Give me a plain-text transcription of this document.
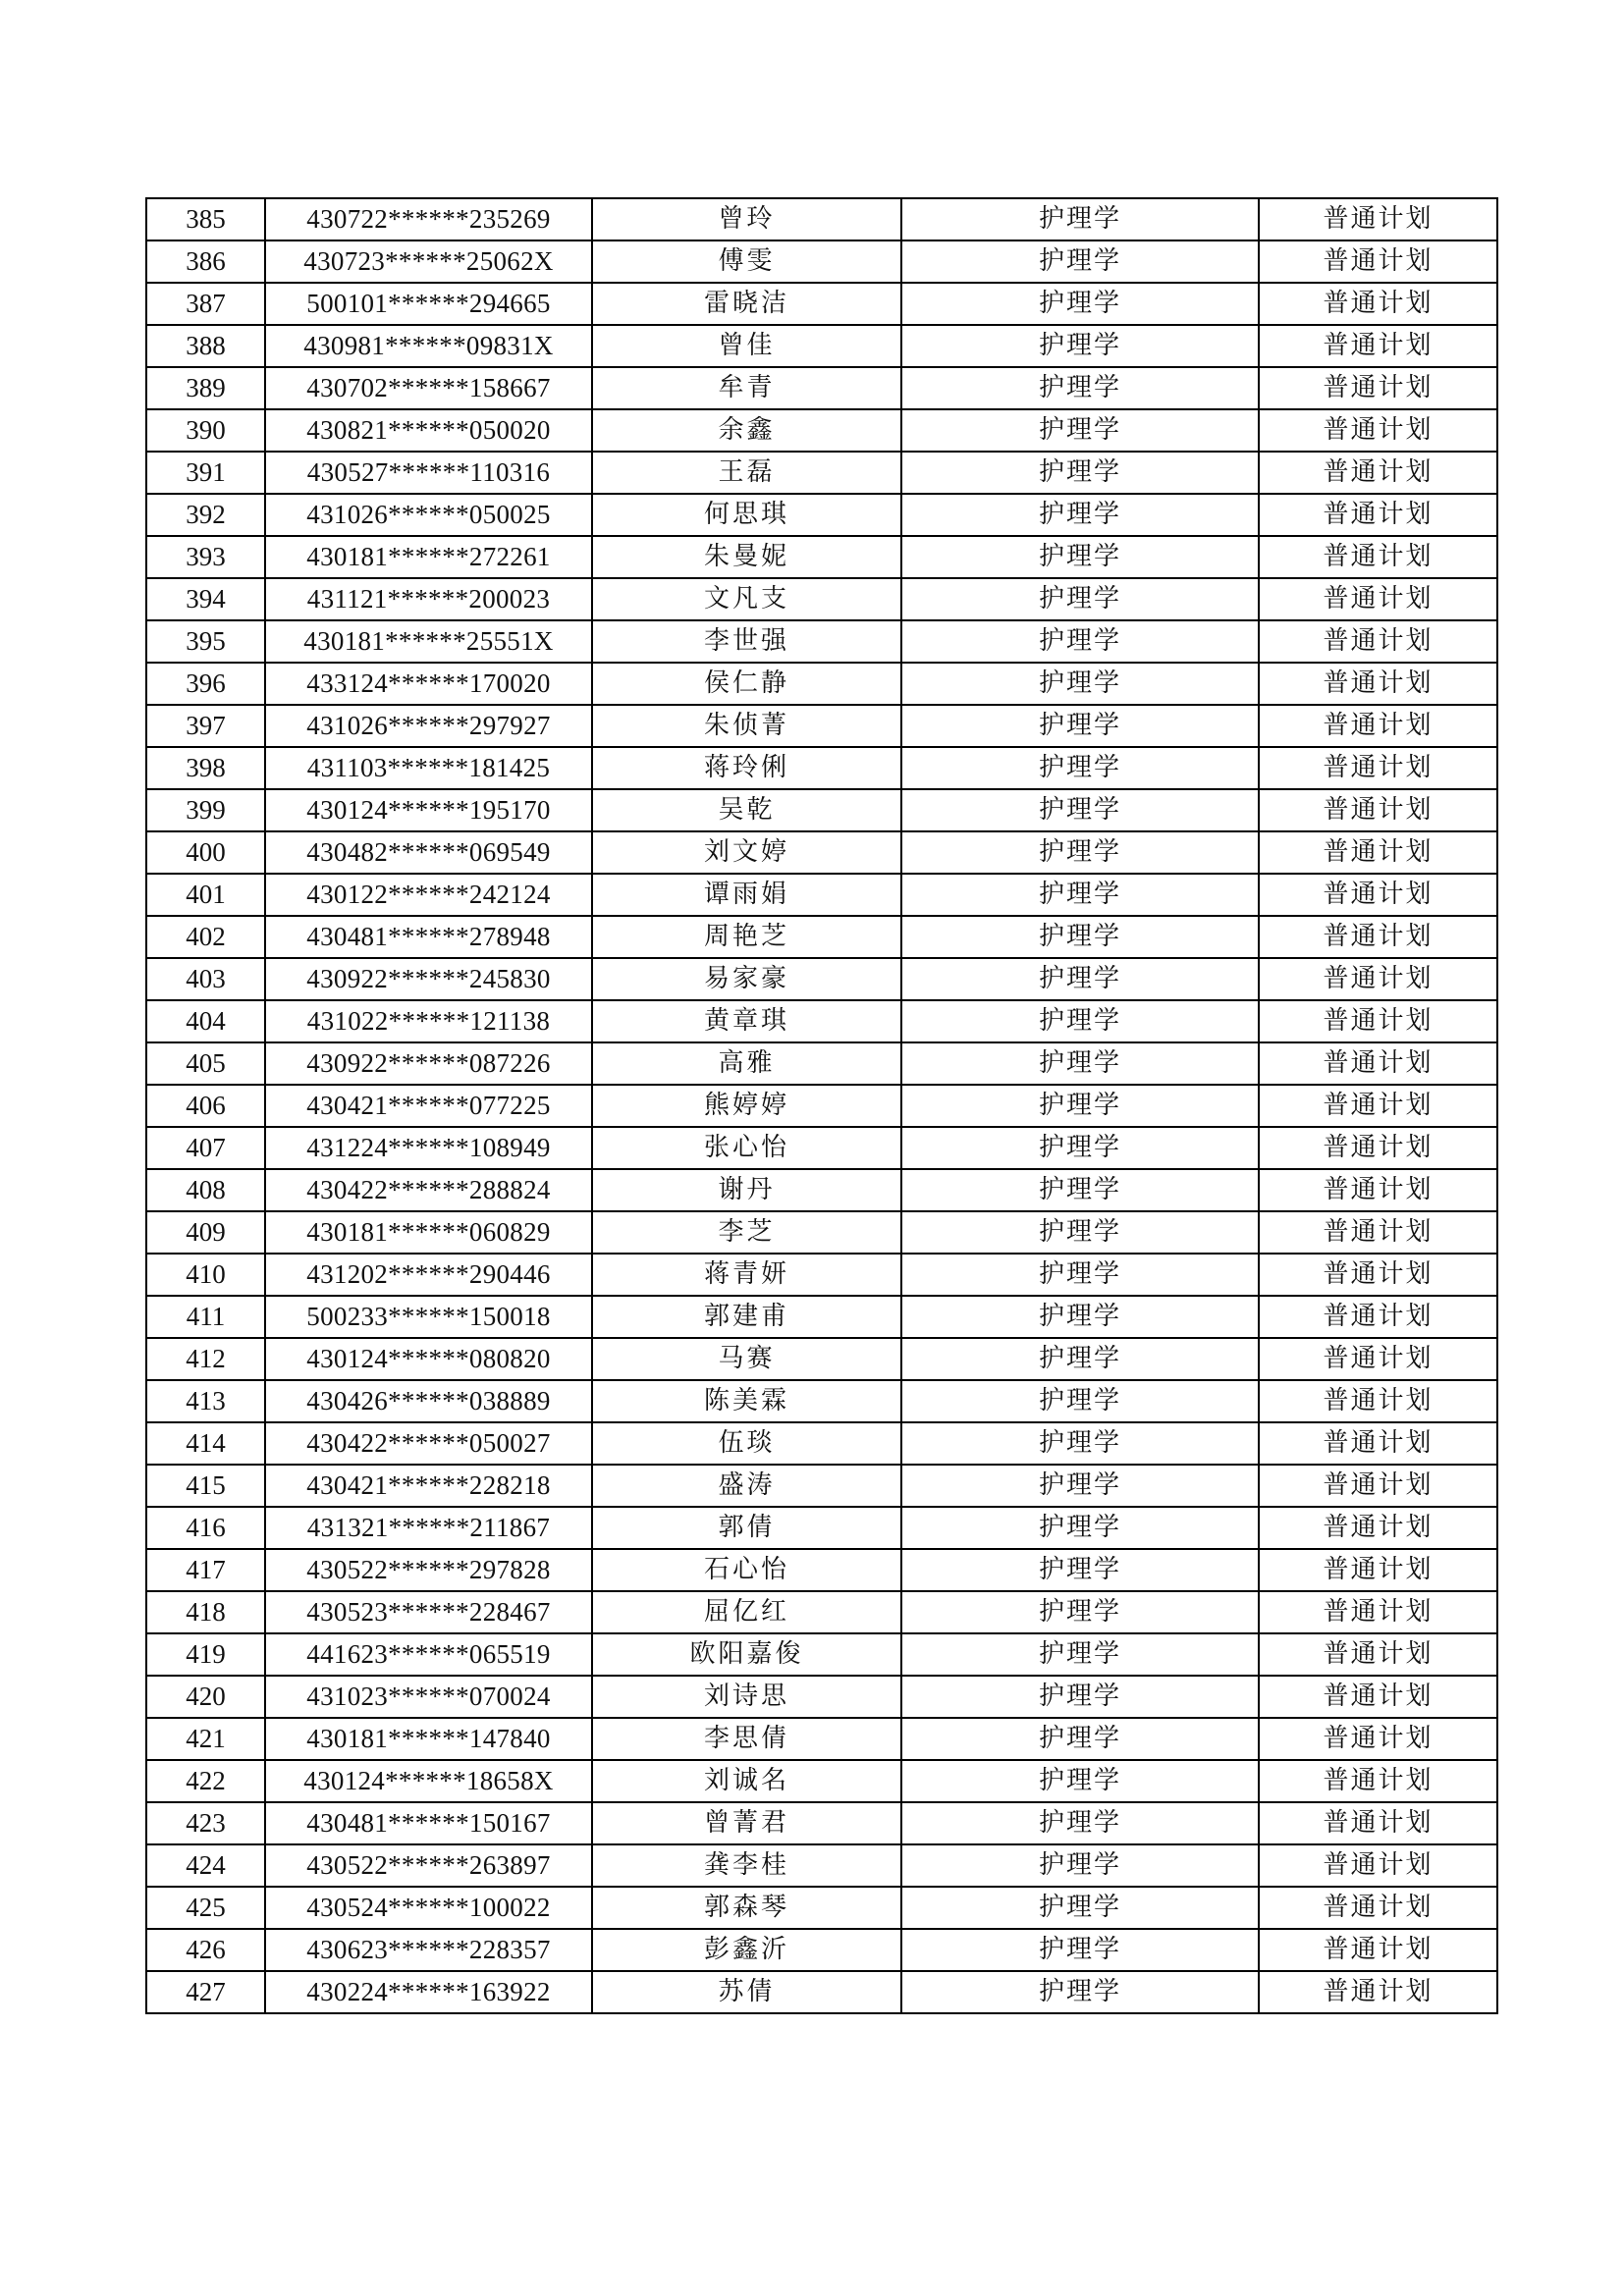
385	430722******235269	曾玲	护理学	普通计划
386	430723******25062X	傅雯	护理学	普通计划
387	500101******294665	雷晓洁	护理学	普通计划
388	430981******09831X	曾佳	护理学	普通计划
389	430702******158667	牟青	护理学	普通计划
390	430821******050020	余鑫	护理学	普通计划
391	430527******110316	王磊	护理学	普通计划
392	431026******050025	何思琪	护理学	普通计划
393	430181******272261	朱曼妮	护理学	普通计划
394	431121******200023	文凡支	护理学	普通计划
395	430181******25551X	李世强	护理学	普通计划
396	433124******170020	侯仁静	护理学	普通计划
397	431026******297927	朱侦菁	护理学	普通计划
398	431103******181425	蒋玲俐	护理学	普通计划
399	430124******195170	吴乾	护理学	普通计划
400	430482******069549	刘文婷	护理学	普通计划
401	430122******242124	谭雨娟	护理学	普通计划
402	430481******278948	周艳芝	护理学	普通计划
403	430922******245830	易家豪	护理学	普通计划
404	431022******121138	黄章琪	护理学	普通计划
405	430922******087226	高雅	护理学	普通计划
406	430421******077225	熊婷婷	护理学	普通计划
407	431224******108949	张心怡	护理学	普通计划
408	430422******288824	谢丹	护理学	普通计划
409	430181******060829	李芝	护理学	普通计划
410	431202******290446	蒋青妍	护理学	普通计划
411	500233******150018	郭建甫	护理学	普通计划
412	430124******080820	马赛	护理学	普通计划
413	430426******038889	陈美霖	护理学	普通计划
414	430422******050027	伍琰	护理学	普通计划
415	430421******228218	盛涛	护理学	普通计划
416	431321******211867	郭倩	护理学	普通计划
417	430522******297828	石心怡	护理学	普通计划
418	430523******228467	屈亿红	护理学	普通计划
419	441623******065519	欧阳嘉俊	护理学	普通计划
420	431023******070024	刘诗思	护理学	普通计划
421	430181******147840	李思倩	护理学	普通计划
422	430124******18658X	刘诚名	护理学	普通计划
423	430481******150167	曾菁君	护理学	普通计划
424	430522******263897	龚李桂	护理学	普通计划
425	430524******100022	郭森琴	护理学	普通计划
426	430623******228357	彭鑫沂	护理学	普通计划
427	430224******163922	苏倩	护理学	普通计划
